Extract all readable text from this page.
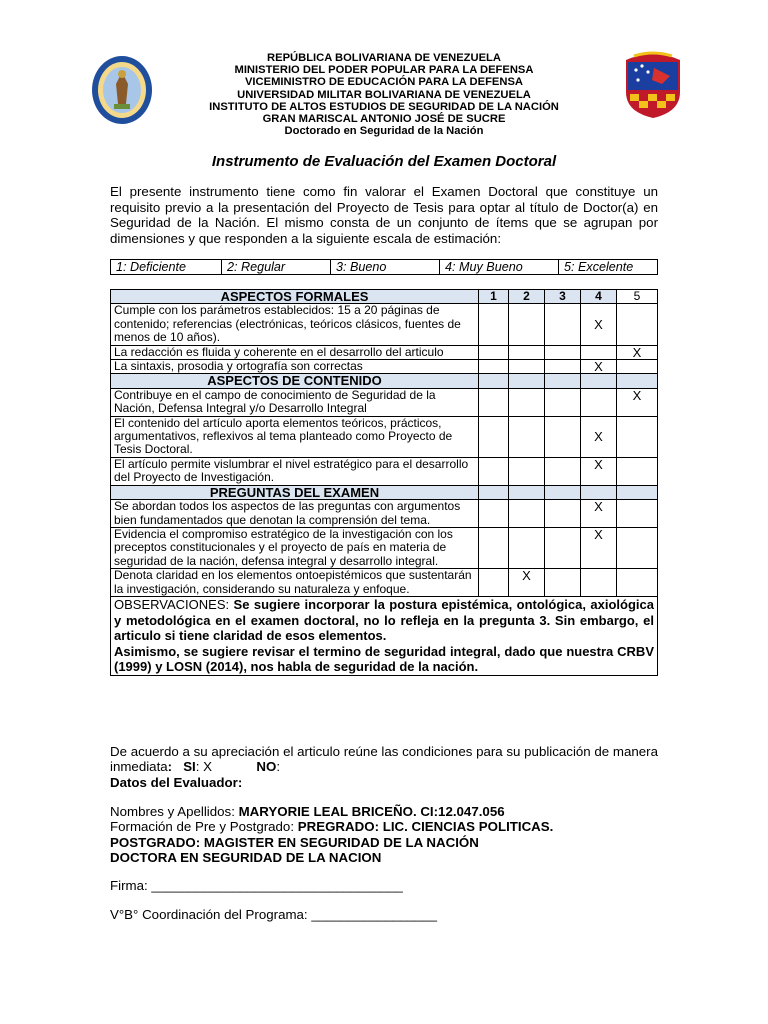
REPÚBLICA BOLIVARIANA DE VENEZUELA
MINISTERIO DEL PODER POPULAR PARA LA DEFENSA
VICEMINISTRO DE EDUCACIÓN PARA LA DEFENSA
UNIVERSIDAD MILITAR BOLIVARIANA DE VENEZUELA
INSTITUTO DE ALTOS ESTUDIOS DE SEGURIDAD DE LA NACIÓN
GRAN MARISCAL ANTONIO JOSÉ DE SUCRE
Doctorado en Seguridad de la Nación
Instrumento de Evaluación del Examen Doctoral
El presente instrumento tiene como fin valorar el Examen Doctoral que constituye un requisito previo a la presentación del Proyecto de Tesis para optar al título de Doctor(a) en Seguridad de la Nación. El mismo consta de un conjunto de ítems que se agrupan por dimensiones y que responden a la siguiente escala de estimación:
1: Deficiente	2: Regular	3: Bueno	4: Muy Bueno	5: Excelente
ASPECTOS FORMALES	1	2	3	4	5
Cumple con los parámetros establecidos: 15 a 20 páginas de contenido; referencias (electrónicas, teóricos clásicos, fuentes de menos de 10 años).				X	
La redacción es fluida y coherente en el desarrollo del articulo					X
La sintaxis, prosodia y ortografía son correctas				X	
ASPECTOS DE CONTENIDO					
Contribuye en el campo de conocimiento de Seguridad de la Nación, Defensa Integral y/o Desarrollo Integral					X
El contenido del artículo aporta elementos teóricos, prácticos, argumentativos, reflexivos al tema planteado como Proyecto de Tesis Doctoral.				X	
El artículo permite vislumbrar el nivel estratégico para el desarrollo del Proyecto de Investigación.				X	
PREGUNTAS DEL EXAMEN					
Se abordan todos los aspectos de las preguntas con argumentos bien fundamentados que denotan la comprensión del tema.				X	
Evidencia el compromiso estratégico de la investigación con los preceptos constitucionales y el proyecto de país en materia de seguridad de la nación, defensa integral y desarrollo integral.				X	
Denota claridad en los elementos ontoepistémicos que sustentarán la investigación, considerando su naturaleza y enfoque.		X			
OBSERVACIONES: Se sugiere incorporar la postura epistémica, ontológica, axiológica y metodológica en el examen doctoral, no lo refleja en la pregunta 3. Sin embargo, el articulo si tiene claridad de esos elementos.
Asimismo, se sugiere revisar el termino de seguridad integral, dado que nuestra CRBV (1999) y LOSN (2014), nos habla de seguridad de la nación.					
De acuerdo a su apreciación el articulo reúne las condiciones para su publicación de manera inmediata: SI: X	NO:
Datos del Evaluador:
Nombres y Apellidos: MARYORIE LEAL BRICEÑO. CI:12.047.056
Formación de Pre y Postgrado: PREGRADO: LIC. CIENCIAS POLITICAS.
POSTGRADO: MAGISTER EN SEGURIDAD DE LA NACIÓN
DOCTORA EN SEGURIDAD DE LA NACION
Firma: __________________________________
V°B° Coordinación del Programa: _________________
